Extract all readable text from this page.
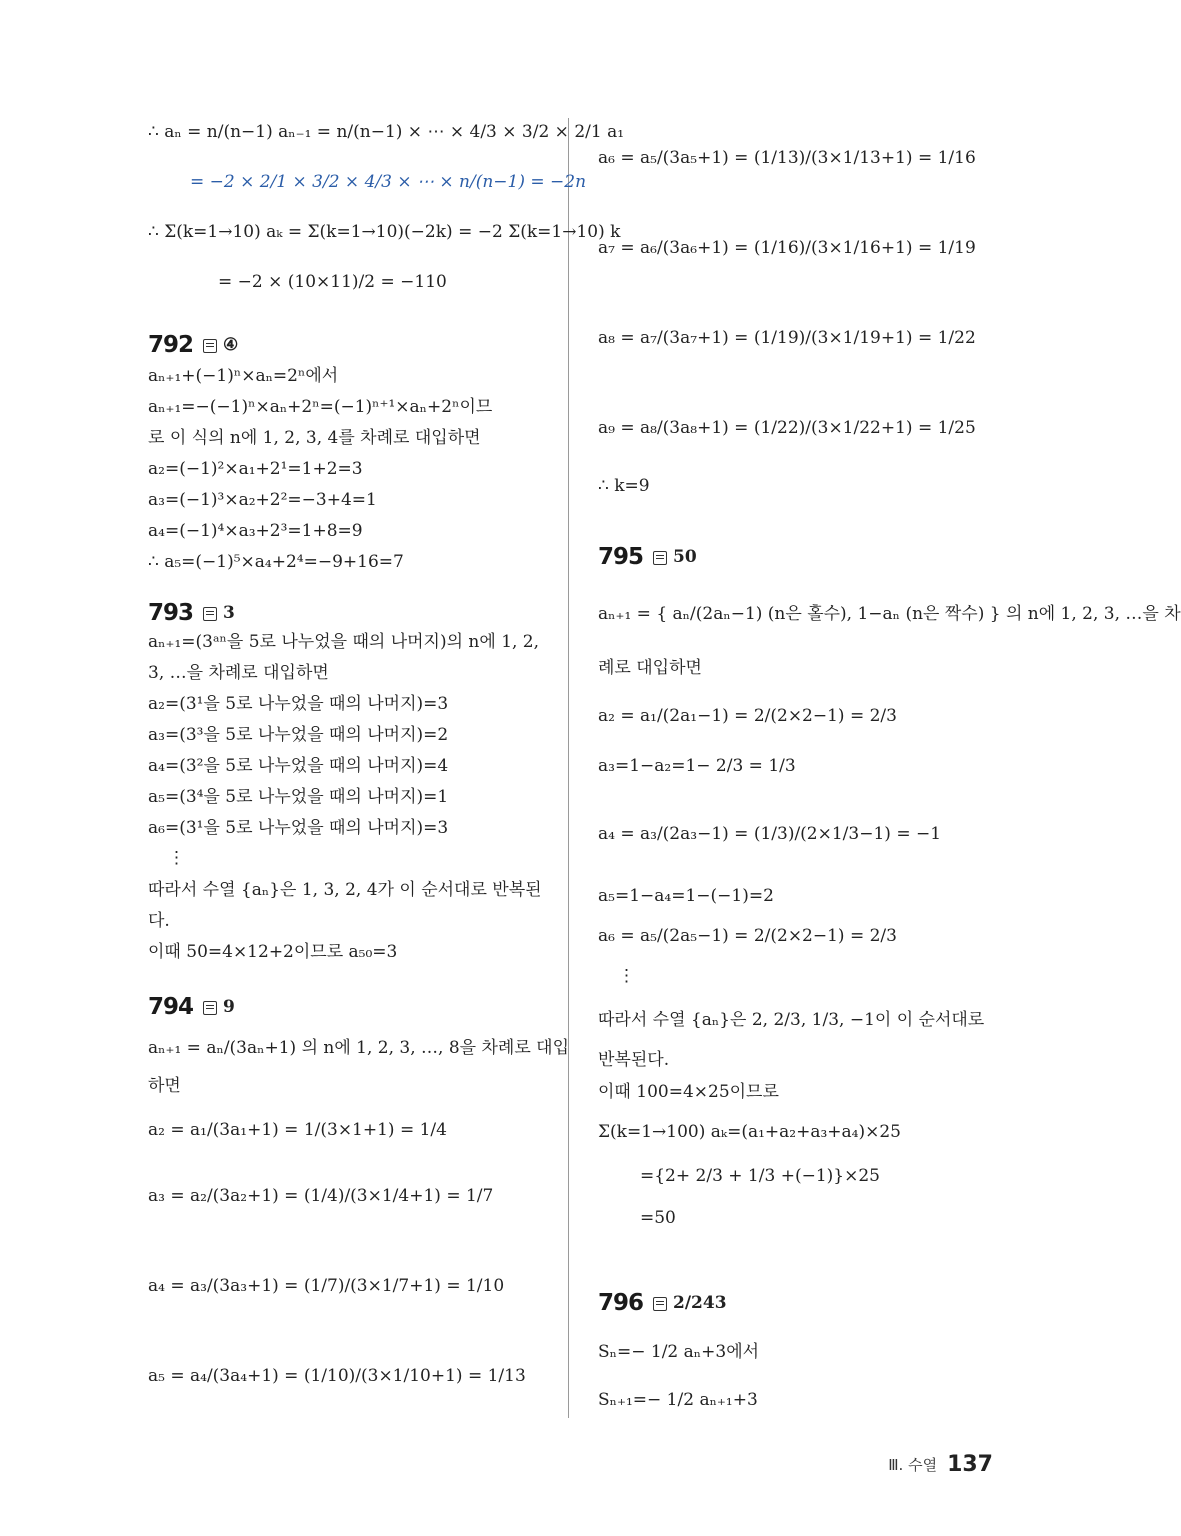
∴ aₙ = n/(n−1) aₙ₋₁ = n/(n−1) × ⋯ × 4/3 × 3/2 × 2/1 a₁
= −2 × 2/1 × 3/2 × 4/3 × ⋯ × n/(n−1) = −2n
∴ Σ(k=1→10) aₖ = Σ(k=1→10)(−2k) = −2 Σ(k=1→10) k
= −2 × (10×11)/2 = −110
792 ④
aₙ₊₁+(−1)ⁿ×aₙ=2ⁿ에서
aₙ₊₁=−(−1)ⁿ×aₙ+2ⁿ=(−1)ⁿ⁺¹×aₙ+2ⁿ이므
로 이 식의 n에 1, 2, 3, 4를 차례로 대입하면
a₂=(−1)²×a₁+2¹=1+2=3
a₃=(−1)³×a₂+2²=−3+4=1
a₄=(−1)⁴×a₃+2³=1+8=9
∴ a₅=(−1)⁵×a₄+2⁴=−9+16=7
793 3
aₙ₊₁=(3ᵃⁿ을 5로 나누었을 때의 나머지)의 n에 1, 2,
3, …을 차례로 대입하면
a₂=(3¹을 5로 나누었을 때의 나머지)=3
a₃=(3³을 5로 나누었을 때의 나머지)=2
a₄=(3²을 5로 나누었을 때의 나머지)=4
a₅=(3⁴을 5로 나누었을 때의 나머지)=1
a₆=(3¹을 5로 나누었을 때의 나머지)=3
⋮
따라서 수열 {aₙ}은 1, 3, 2, 4가 이 순서대로 반복된
다.
이때 50=4×12+2이므로 a₅₀=3
794 9
aₙ₊₁ = aₙ/(3aₙ+1) 의 n에 1, 2, 3, …, 8을 차례로 대입
하면
a₂ = a₁/(3a₁+1) = 1/(3×1+1) = 1/4
a₃ = a₂/(3a₂+1) = (1/4)/(3×1/4+1) = 1/7
a₄ = a₃/(3a₃+1) = (1/7)/(3×1/7+1) = 1/10
a₅ = a₄/(3a₄+1) = (1/10)/(3×1/10+1) = 1/13
a₆ = a₅/(3a₅+1) = (1/13)/(3×1/13+1) = 1/16
a₇ = a₆/(3a₆+1) = (1/16)/(3×1/16+1) = 1/19
a₈ = a₇/(3a₇+1) = (1/19)/(3×1/19+1) = 1/22
a₉ = a₈/(3a₈+1) = (1/22)/(3×1/22+1) = 1/25
∴ k=9
795 50
aₙ₊₁ = { aₙ/(2aₙ−1) (n은 홀수), 1−aₙ (n은 짝수) } 의 n에 1, 2, 3, …을 차
례로 대입하면
a₂ = a₁/(2a₁−1) = 2/(2×2−1) = 2/3
a₃=1−a₂=1− 2/3 = 1/3
a₄ = a₃/(2a₃−1) = (1/3)/(2×1/3−1) = −1
a₅=1−a₄=1−(−1)=2
a₆ = a₅/(2a₅−1) = 2/(2×2−1) = 2/3
⋮
따라서 수열 {aₙ}은 2, 2/3, 1/3, −1이 이 순서대로
반복된다.
이때 100=4×25이므로
Σ(k=1→100) aₖ=(a₁+a₂+a₃+a₄)×25
={2+ 2/3 + 1/3 +(−1)}×25
=50
796 2/243
Sₙ=− 1/2 aₙ+3에서
Sₙ₊₁=− 1/2 aₙ₊₁+3
Ⅲ. 수열 137
